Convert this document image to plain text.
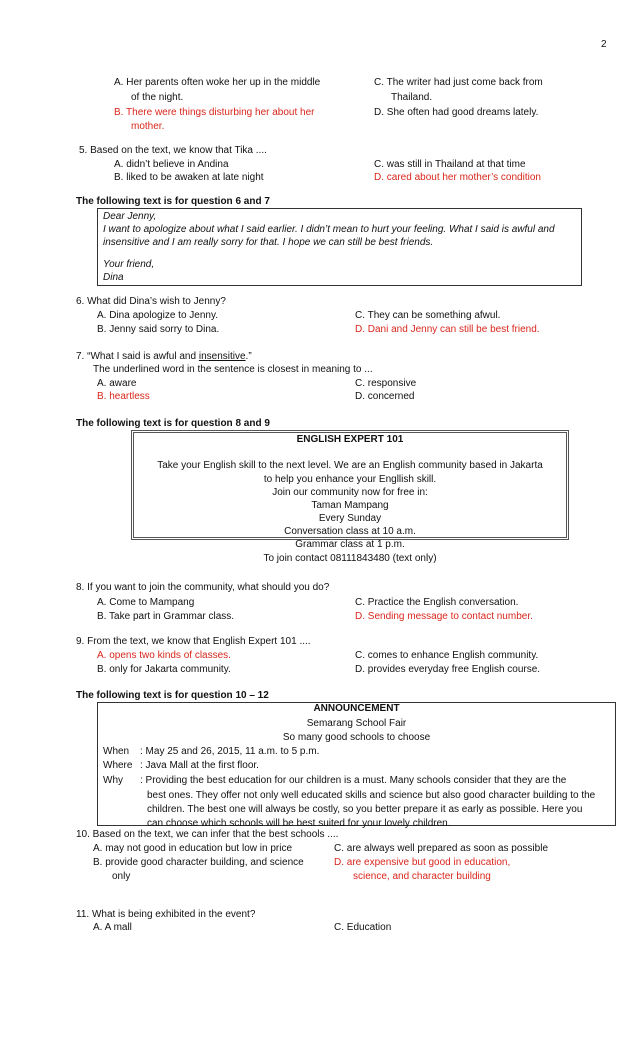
2
A. Her parents often woke her up in the middle
of the night.
B. There were things disturbing her about her
mother.
C. The writer had just come back from
Thailand.
D. She often had good dreams lately.
5. Based on the text, we know that Tika ....
A. didn’t believe in Andina
B. liked to be awaken at late night
C. was still in Thailand at that time
D. cared about her mother’s condition
The following text is for question 6 and 7
Dear Jenny,
I want to apologize about what I said earlier. I didn’t mean to hurt your feeling. What I said is awful and
insensitive and I am really sorry for that. I hope we can still be best friends.
Your friend,
Dina
6. What did Dina’s wish to Jenny?
A. Dina apologize to Jenny.
B. Jenny said sorry to Dina.
C. They can be something afwul.
D. Dani and Jenny can still be best friend.
7. “What I said is awful and insensitive.”
The underlined word in the sentence is closest in meaning to ...
A. aware
B. heartless
C. responsive
D. concerned
The following text is for question 8 and 9
ENGLISH EXPERT 101
Take your English skill to the next level. We are an English community based in Jakarta
to help you enhance your Engllish skill.
Join our community now for free in:
Taman Mampang
Every Sunday
Conversation class at 10 a.m.
Grammar class at 1 p.m.
To join contact 08111843480 (text only)
8. If you want to join the community, what should you do?
A. Come to Mampang
B. Take part in Grammar class.
C. Practice the English conversation.
D. Sending message to contact number.
9. From the text, we know that English Expert 101 ....
A. opens two kinds of classes.
B. only for Jakarta community.
C. comes to enhance English community.
D. provides everyday free English course.
The following text is for question 10 – 12
ANNOUNCEMENT
Semarang School Fair
So many good schools to choose
When : May 25 and 26, 2015, 11 a.m. to 5 p.m.
Where : Java Mall at the first floor.
Why : Providing the best education for our children is a must. Many schools consider that they are the
best ones. They offer not only well educated skills and science but also good character building to the
children. The best one will always be costly, so you better prepare it as early as possible. Here you
can choose which schools will be best suited for your lovely children.
10. Based on the text, we can infer that the best schools ....
A. may not good in education but low in price
B. provide good character building, and science
only
C. are always well prepared as soon as possible
D. are expensive but good in education,
science, and character building
11. What is being exhibited in the event?
A. A mall	C. Education
